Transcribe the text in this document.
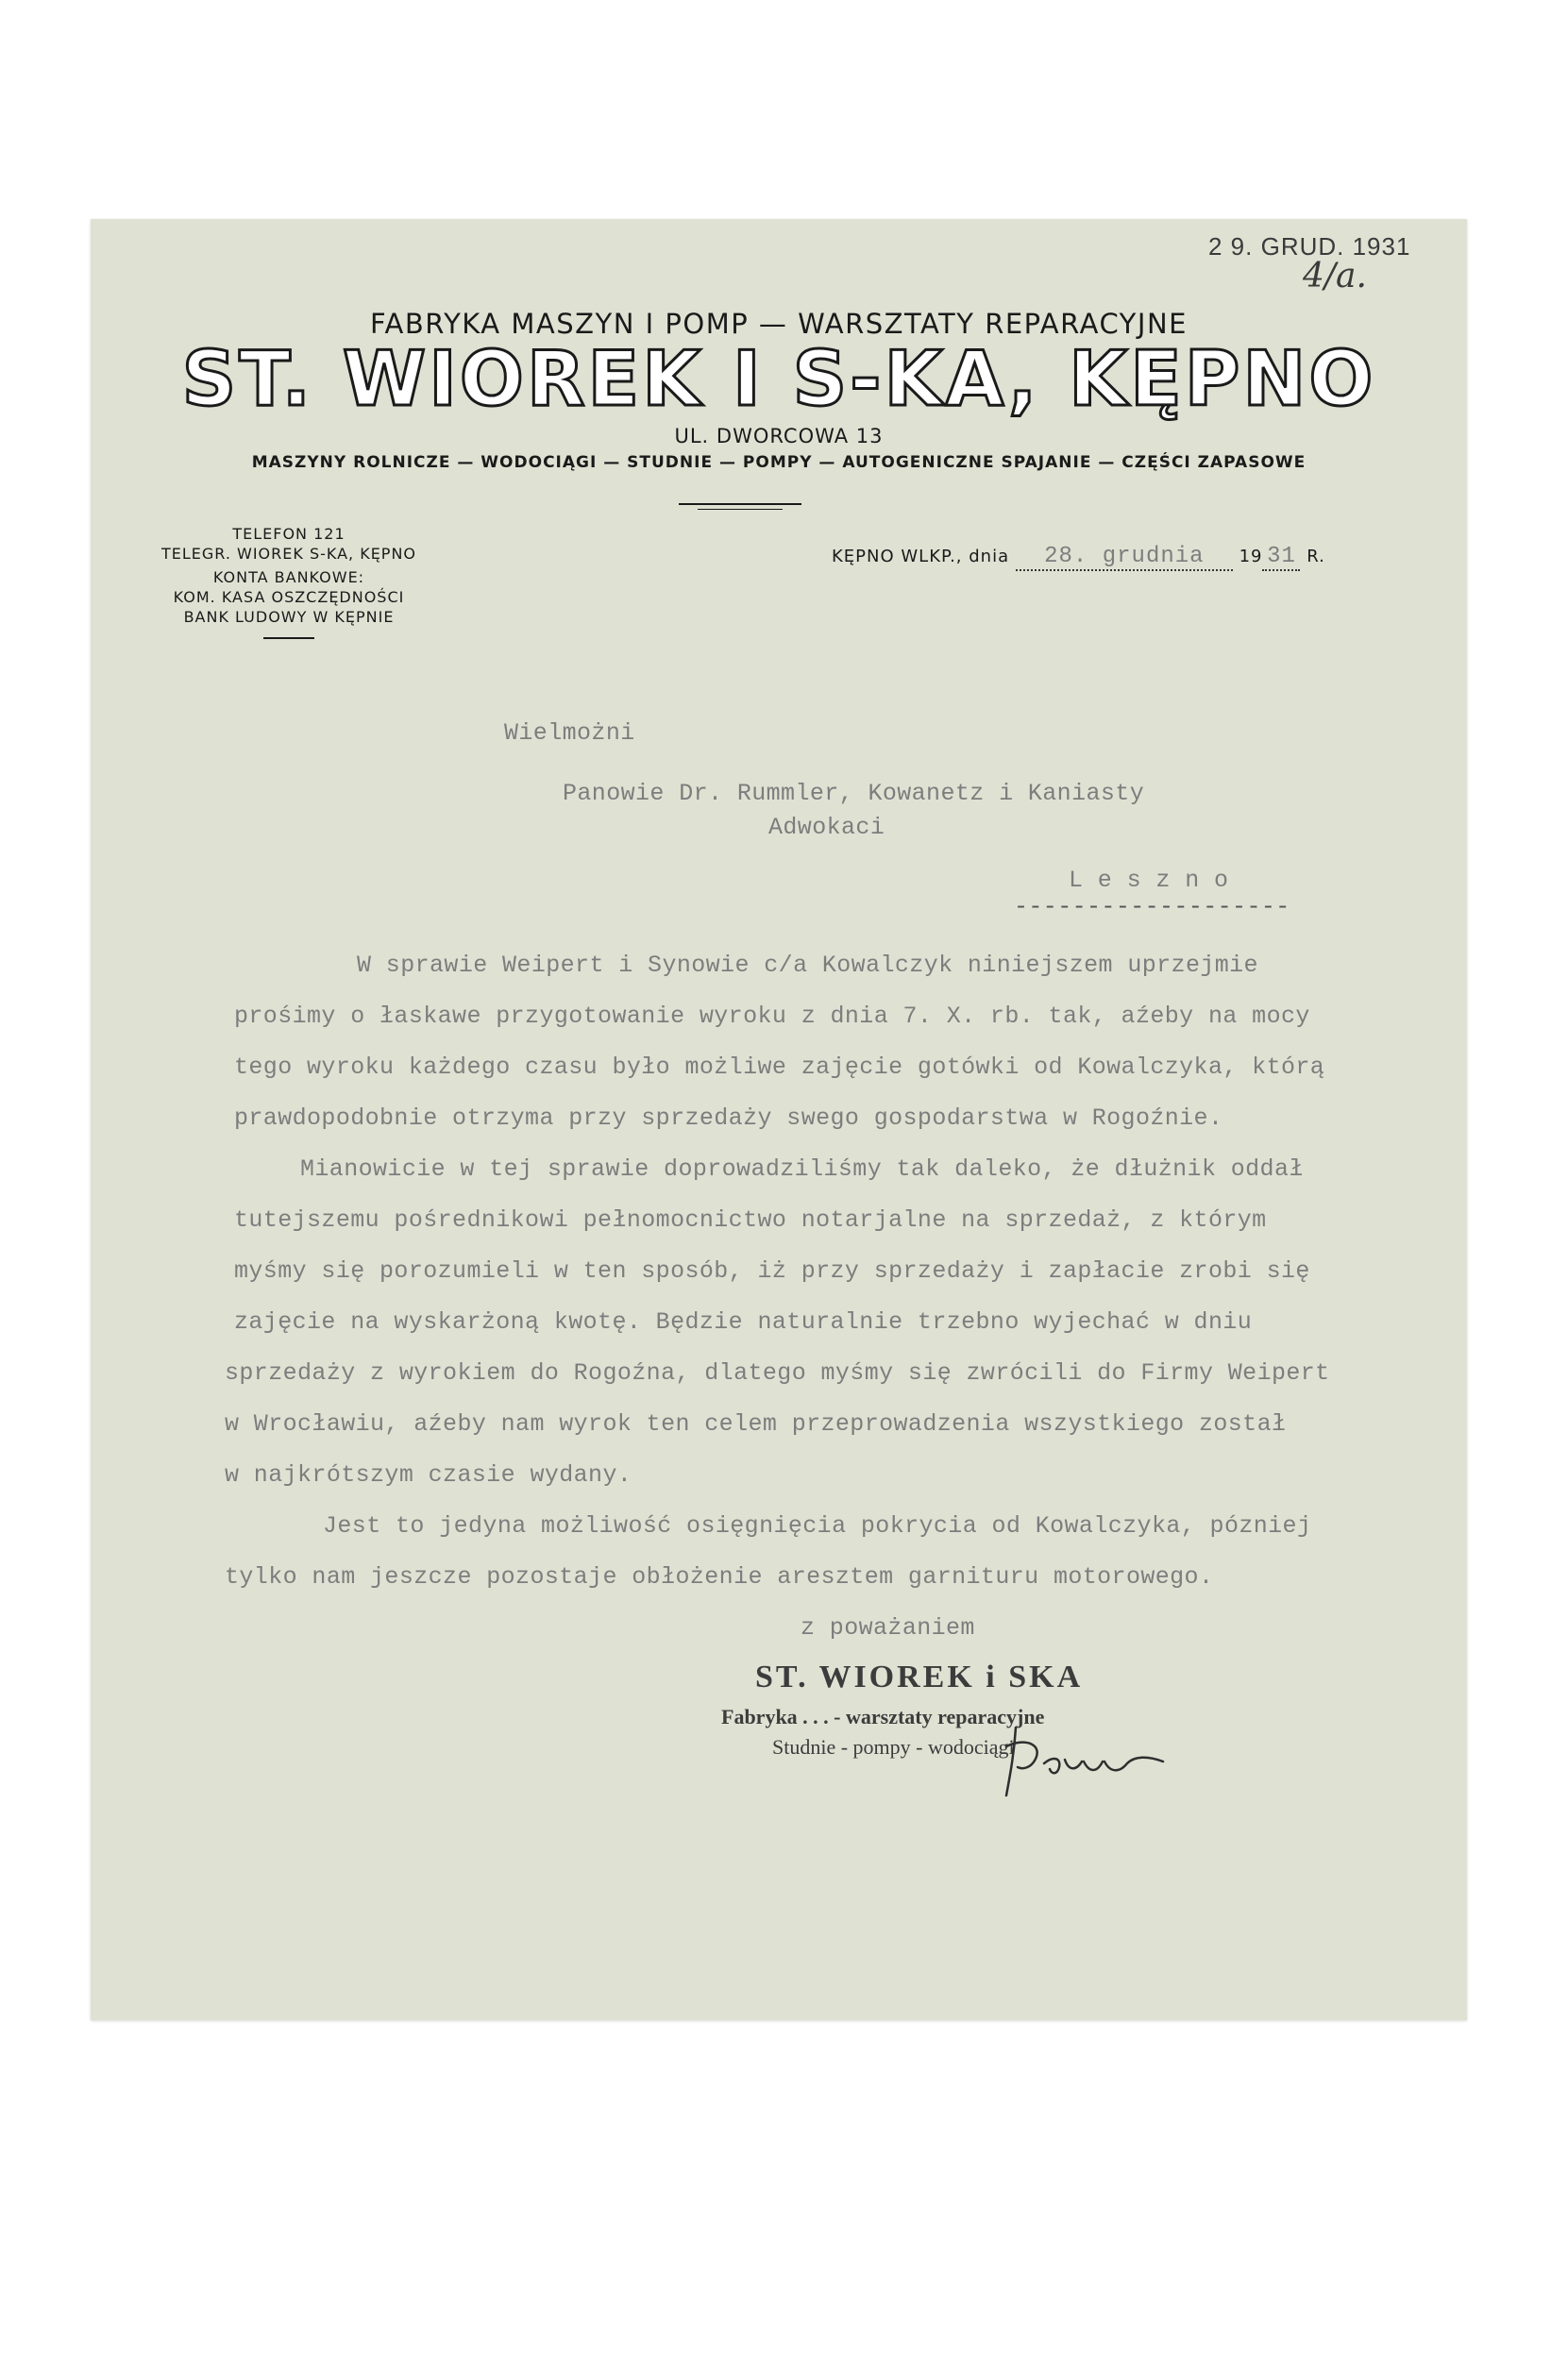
2 9. GRUD. 1931
4/a.
FABRYKA MASZYN I POMP — WARSZTATY REPARACYJNE
ST. WIOREK I S-KA, KĘPNO
UL. DWORCOWA 13
MASZYNY ROLNICZE — WODOCIĄGI — STUDNIE — POMPY — AUTOGENICZNE SPAJANIE — CZĘŚCI ZAPASOWE
TELEFON 121
TELEGR. WIOREK S-KA, KĘPNO
KONTA BANKOWE:
KOM. KASA OSZCZĘDNOŚCI
BANK LUDOWY W KĘPNIE
KĘPNO WLKP., dnia 28. grudnia 19 31 R.
Wielmożni
Panowie Dr. Rummler, Kowanetz i Kaniasty
Adwokaci
L e s z n o
-------------------
W sprawie Weipert i Synowie c/a Kowalczyk niniejszem uprzejmie
prośimy o łaskawe przygotowanie wyroku z dnia 7. X. rb. tak, aźeby na mocy
tego wyroku każdego czasu było możliwe zajęcie gotówki od Kowalczyka, którą
prawdopodobnie otrzyma przy sprzedaży swego gospodarstwa w Rogoźnie.
Mianowicie w tej sprawie doprowadziliśmy tak daleko, że dłużnik oddał
tutejszemu pośrednikowi pełnomocnictwo notarjalne na sprzedaż, z którym
myśmy się porozumieli w ten sposób, iż przy sprzedaży i zapłacie zrobi się
zajęcie na wyskarżoną kwotę. Będzie naturalnie trzebno wyjechać w dniu
sprzedaży z wyrokiem do Rogoźna, dlatego myśmy się zwrócili do Firmy Weipert
w Wrocławiu, aźeby nam wyrok ten celem przeprowadzenia wszystkiego został
w najkrótszym czasie wydany.
Jest to jedyna możliwość osięgnięcia pokrycia od Kowalczyka, pózniej
tylko nam jeszcze pozostaje obłożenie aresztem garnituru motorowego.
z poważaniem
ST. WIOREK i SKA
Fabryka . . . - warsztaty reparacyjne
Studnie - pompy - wodociągi
